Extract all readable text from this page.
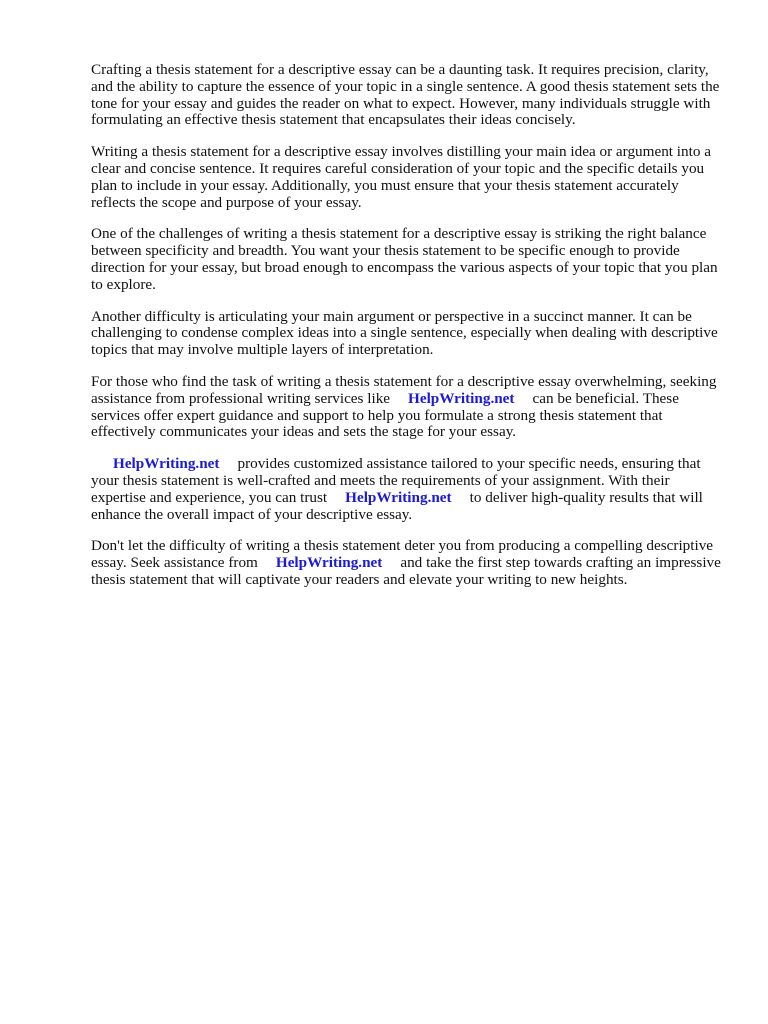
Crafting a thesis statement for a descriptive essay can be a daunting task. It requires precision, clarity, and the ability to capture the essence of your topic in a single sentence. A good thesis statement sets the tone for your essay and guides the reader on what to expect. However, many individuals struggle with formulating an effective thesis statement that encapsulates their ideas concisely.

Writing a thesis statement for a descriptive essay involves distilling your main idea or argument into a clear and concise sentence. It requires careful consideration of your topic and the specific details you plan to include in your essay. Additionally, you must ensure that your thesis statement accurately reflects the scope and purpose of your essay.

One of the challenges of writing a thesis statement for a descriptive essay is striking the right balance between specificity and breadth. You want your thesis statement to be specific enough to provide direction for your essay, but broad enough to encompass the various aspects of your topic that you plan to explore.

Another difficulty is articulating your main argument or perspective in a succinct manner. It can be challenging to condense complex ideas into a single sentence, especially when dealing with descriptive topics that may involve multiple layers of interpretation.

For those who find the task of writing a thesis statement for a descriptive essay overwhelming, seeking assistance from professional writing services like HelpWriting.net can be beneficial. These services offer expert guidance and support to help you formulate a strong thesis statement that effectively communicates your ideas and sets the stage for your essay.

HelpWriting.net provides customized assistance tailored to your specific needs, ensuring that your thesis statement is well-crafted and meets the requirements of your assignment. With their expertise and experience, you can trust HelpWriting.net to deliver high-quality results that will enhance the overall impact of your descriptive essay.

Don't let the difficulty of writing a thesis statement deter you from producing a compelling descriptive essay. Seek assistance from HelpWriting.net and take the first step towards crafting an impressive thesis statement that will captivate your readers and elevate your writing to new heights.
